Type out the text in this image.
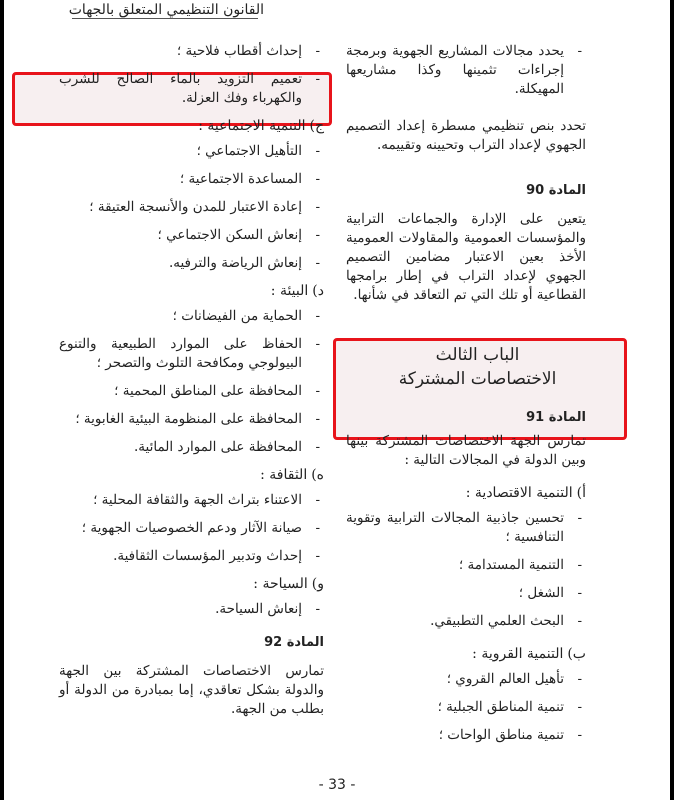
القانون التنظيمي المتعلق بالجهات
-
يحدد مجالات المشاريع الجهوية وبرمجة إجراءات تثمينها وكذا مشاريعها المهيكلة.
تحدد بنص تنظيمي مسطرة إعداد التصميم الجهوي لإعداد التراب وتحيينه وتقييمه.
المادة 90
يتعين على الإدارة والجماعات الترابية والمؤسسات العمومية والمقاولات العمومية الأخذ بعين الاعتبار مضامين التصميم الجهوي لإعداد التراب في إطار برامجها القطاعية أو تلك التي تم التعاقد في شأنها.
الباب الثالث
الاختصاصات المشتركة
المادة 91
تمارس الجهة الاختصاصات المشتركة بينها وبين الدولة في المجالات التالية :
أ)التنمية الاقتصادية :
-
تحسين جاذبية المجالات الترابية وتقوية التنافسية ؛
-
التنمية المستدامة ؛
-
الشغل ؛
-
البحث العلمي التطبيقي.
ب)التنمية القروية :
-
تأهيل العالم القروي ؛
-
تنمية المناطق الجبلية ؛
-
تنمية مناطق الواحات ؛
-
إحداث أقطاب فلاحية ؛
-
تعميم التزويد بالماء الصالح للشرب والكهرباء وفك العزلة.
ج)التنمية الاجتماعية :
-
التأهيل الاجتماعي ؛
-
المساعدة الاجتماعية ؛
-
إعادة الاعتبار للمدن والأنسجة العتيقة ؛
-
إنعاش السكن الاجتماعي ؛
-
إنعاش الرياضة والترفيه.
د)البيئة :
-
الحماية من الفيضانات ؛
-
الحفاظ على الموارد الطبيعية والتنوع البيولوجي ومكافحة التلوث والتصحر ؛
-
المحافظة على المناطق المحمية ؛
-
المحافظة على المنظومة البيئية الغابوية ؛
-
المحافظة على الموارد المائية.
ه)الثقافة :
-
الاعتناء بتراث الجهة والثقافة المحلية ؛
-
صيانة الآثار ودعم الخصوصيات الجهوية ؛
-
إحداث وتدبير المؤسسات الثقافية.
و)السياحة :
-
إنعاش السياحة.
المادة 92
تمارس الاختصاصات المشتركة بين الجهة والدولة بشكل تعاقدي، إما بمبادرة من الدولة أو بطلب من الجهة.
- 33 -
